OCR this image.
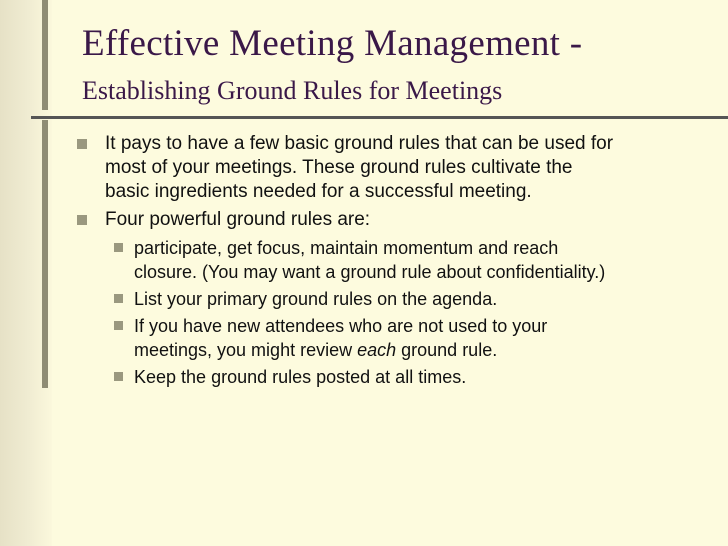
Effective Meeting Management -
Establishing Ground Rules for Meetings
It pays to have a few basic ground rules that can be used for
most of your meetings. These ground rules cultivate the
basic ingredients needed for a successful meeting.
Four powerful ground rules are:
participate, get focus, maintain momentum and reach
closure. (You may want a ground rule about confidentiality.)
List your primary ground rules on the agenda.
If you have new attendees who are not used to your
meetings, you might review each ground rule.
Keep the ground rules posted at all times.
